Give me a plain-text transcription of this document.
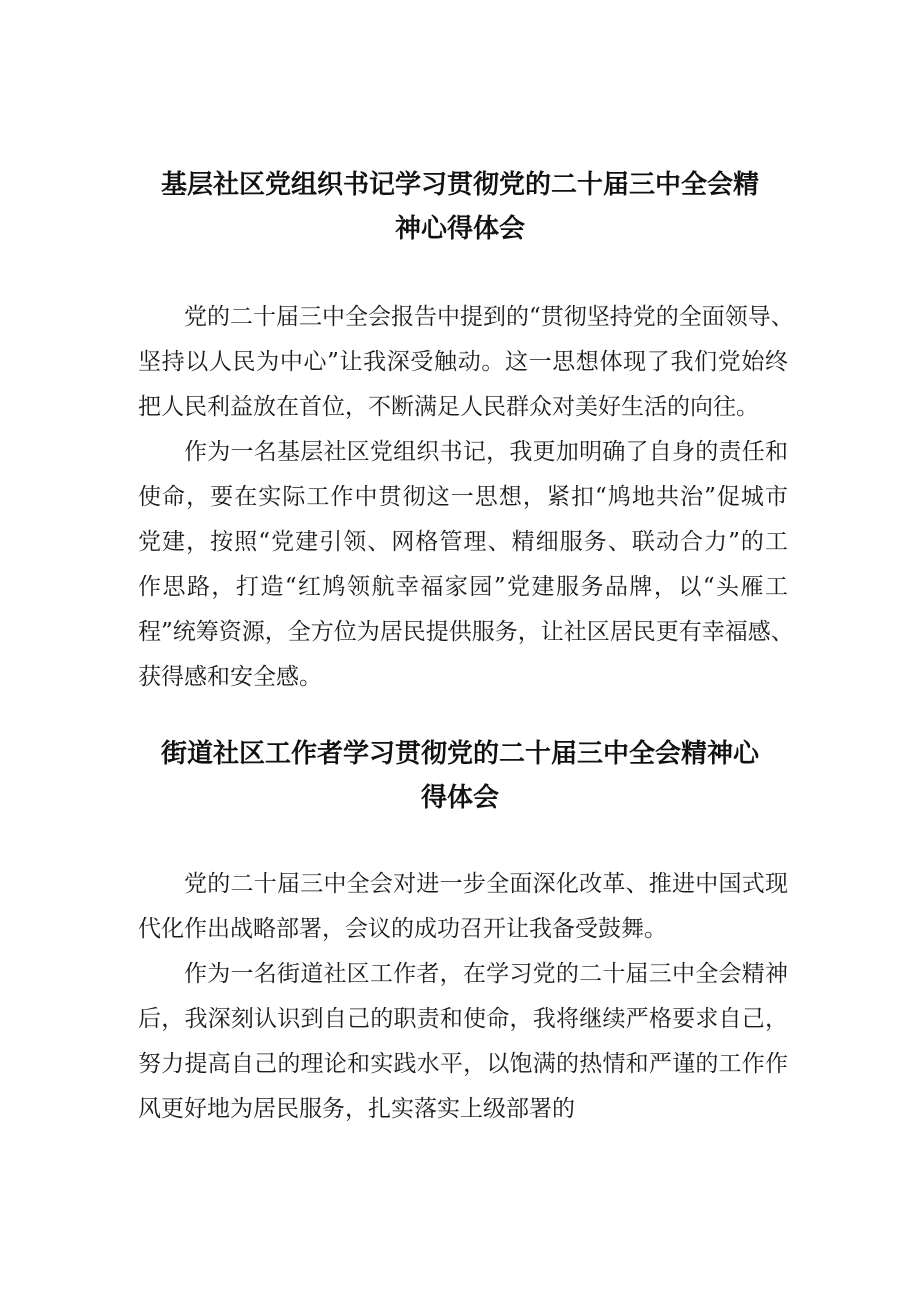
基层社区党组织书记学习贯彻党的二十届三中全会精
神心得体会
党的二十届三中全会报告中提到的“贯彻坚持党的全面领导、
坚持以人民为中心”让我深受触动。这一思想体现了我们党始终
把人民利益放在首位，不断满足人民群众对美好生活的向往。
作为一名基层社区党组织书记，我更加明确了自身的责任和
使命，要在实际工作中贯彻这一思想，紧扣“鸠地共治”促城市
党建，按照“党建引领、网格管理、精细服务、联动合力”的工
作思路，打造“红鸠领航幸福家园”党建服务品牌，以“头雁工
程”统筹资源，全方位为居民提供服务，让社区居民更有幸福感、
获得感和安全感。
街道社区工作者学习贯彻党的二十届三中全会精神心
得体会
党的二十届三中全会对进一步全面深化改革、推进中国式现
代化作出战略部署，会议的成功召开让我备受鼓舞。
作为一名街道社区工作者，在学习党的二十届三中全会精神
后，我深刻认识到自己的职责和使命，我将继续严格要求自己，
努力提高自己的理论和实践水平，以饱满的热情和严谨的工作作
风更好地为居民服务，扎实落实上级部署的
